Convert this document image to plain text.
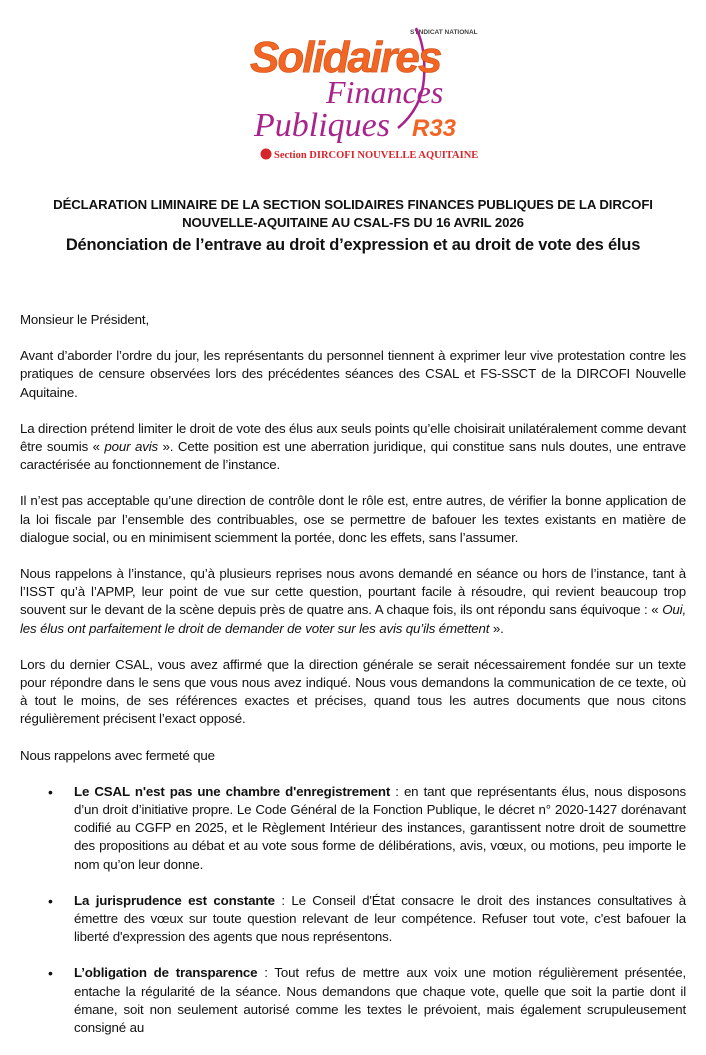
SYNDICAT NATIONAL
Solidaires
Finances
Publiques R33
Section DIRCOFI NOUVELLE AQUITAINE
DÉCLARATION LIMINAIRE DE LA SECTION SOLIDAIRES FINANCES PUBLIQUES DE LA DIRCOFI NOUVELLE-AQUITAINE AU CSAL-FS DU 16 AVRIL 2026
Dénonciation de l’entrave au droit d’expression et au droit de vote des élus

Monsieur le Président,

Avant d’aborder l’ordre du jour, les représentants du personnel tiennent à exprimer leur vive protestation contre les pratiques de censure observées lors des précédentes séances des CSAL et FS-SSCT de la DIRCOFI Nouvelle Aquitaine.

La direction prétend limiter le droit de vote des élus aux seuls points qu’elle choisirait unilatéralement comme devant être soumis « pour avis ». Cette position est une aberration juridique, qui constitue sans nuls doutes, une entrave caractérisée au fonctionnement de l’instance.

Il n’est pas acceptable qu’une direction de contrôle dont le rôle est, entre autres, de vérifier la bonne application de la loi fiscale par l’ensemble des contribuables, ose se permettre de bafouer les textes existants en matière de dialogue social, ou en minimisent sciemment la portée, donc les effets, sans l’assumer.

Nous rappelons à l’instance, qu’à plusieurs reprises nous avons demandé en séance ou hors de l’instance, tant à l’ISST qu’à l’APMP, leur point de vue sur cette question, pourtant facile à résoudre, qui revient beaucoup trop souvent sur le devant de la scène depuis près de quatre ans. A chaque fois, ils ont répondu sans équivoque : « Oui, les élus ont parfaitement le droit de demander de voter sur les avis qu’ils émettent ».

Lors du dernier CSAL, vous avez affirmé que la direction générale se serait nécessairement fondée sur un texte pour répondre dans le sens que vous nous avez indiqué. Nous vous demandons la communication de ce texte, où à tout le moins, de ses références exactes et précises, quand tous les autres documents que nous citons régulièrement précisent l’exact opposé.

Nous rappelons avec fermeté que

• Le CSAL n'est pas une chambre d'enregistrement : en tant que représentants élus, nous disposons d’un droit d’initiative propre. Le Code Général de la Fonction Publique, le décret n° 2020-1427 dorénavant codifié au CGFP en 2025, et le Règlement Intérieur des instances, garantissent notre droit de soumettre des propositions au débat et au vote sous forme de délibérations, avis, vœux, ou motions, peu importe le nom qu’on leur donne.
• La jurisprudence est constante : Le Conseil d'État consacre le droit des instances consultatives à émettre des vœux sur toute question relevant de leur compétence. Refuser tout vote, c'est bafouer la liberté d'expression des agents que nous représentons.
• L’obligation de transparence : Tout refus de mettre aux voix une motion régulièrement présentée, entache la régularité de la séance. Nous demandons que chaque vote, quelle que soit la partie dont il émane, soit non seulement autorisé comme les textes le prévoient, mais également scrupuleusement consigné au
